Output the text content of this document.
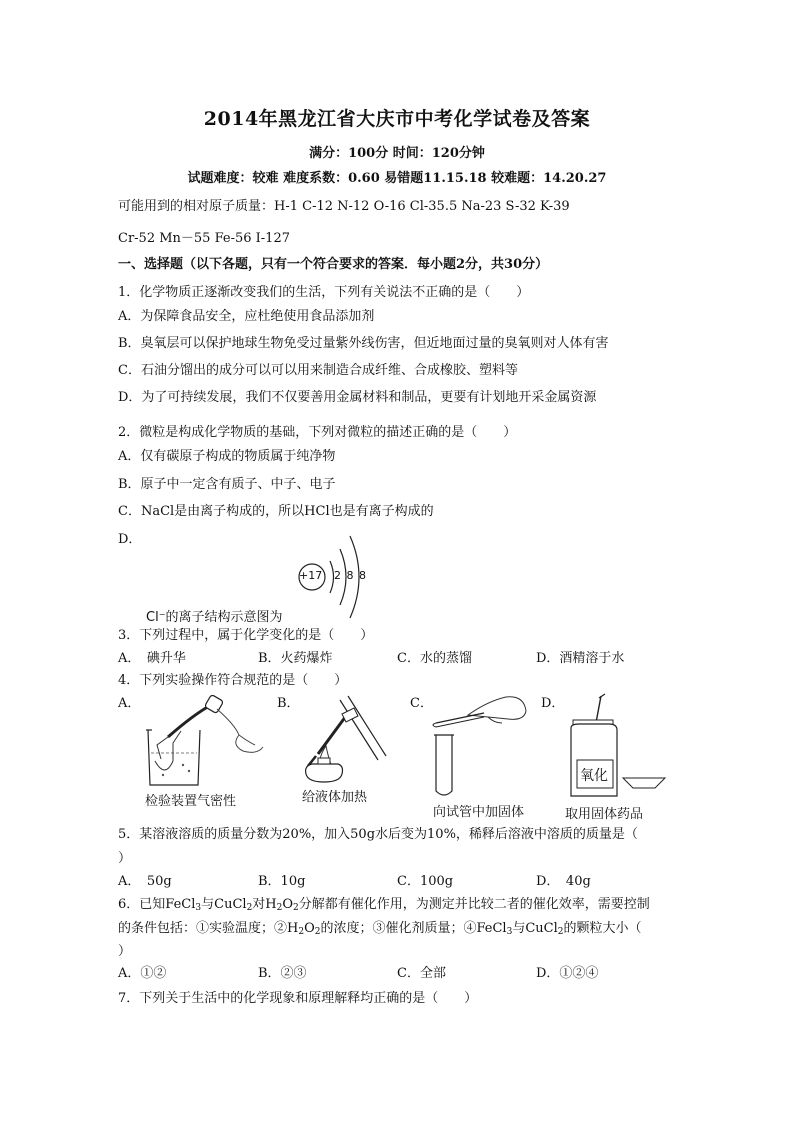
2014年黑龙江省大庆市中考化学试卷及答案
满分：100分 时间：120分钟
试题难度：较难 难度系数：0.60 易错题11.15.18 较难题：14.20.27
可能用到的相对原子质量：H-1 C-12 N-12 O-16 Cl-35.5 Na-23 S-32 K-39
Cr-52 Mn－55 Fe-56 I-127
一、选择题（以下各题，只有一个符合要求的答案．每小题2分，共30分）
1．化学物质正逐渐改变我们的生活，下列有关说法不正确的是（　　）
A．为保障食品安全，应杜绝使用食品添加剂
B．臭氧层可以保护地球生物免受过量紫外线伤害，但近地面过量的臭氧则对人体有害
C．石油分馏出的成分可以可以用来制造合成纤维、合成橡胶、塑料等
D．为了可持续发展，我们不仅要善用金属材料和制品，更要有计划地开采金属资源
2．微粒是构成化学物质的基础，下列对微粒的描述正确的是（　　）
A．仅有碳原子构成的物质属于纯净物
B．原子中一定含有质子、中子、电子
C．NaCl是由离子构成的，所以HCl也是有离子构成的
D．
+17 2 8 8
Cl⁻的离子结构示意图为
3．下列过程中，属于化学变化的是（　　）
A．　碘升华	B．火药爆炸	C．水的蒸馏	D．酒精溶于水
4．下列实验操作符合规范的是（　　）
A．	B．	C．	D．
检验装置气密性	给液体加热
向试管中加固体
氧化
取用固体药品
5．某溶液溶质的质量分数为20%，加入50g水后变为10%，稀释后溶液中溶质的质量是（
）
A．　50g	B．10g	C．100g	D．　40g
6．已知FeCl$_3$与CuCl$_2$对$H_2O_2$分解都有催化作用，为测定并比较二者的催化效率，需要控制
的条件包括：①实验温度；$②H_2O_2$的浓度；③催化剂质量；④FeCl$_3$与CuCl$_2$的颗粒大小（
）
A．①②	B．②③	C．全部	D．①②④
7．下列关于生活中的化学现象和原理解释均正确的是（　　）
